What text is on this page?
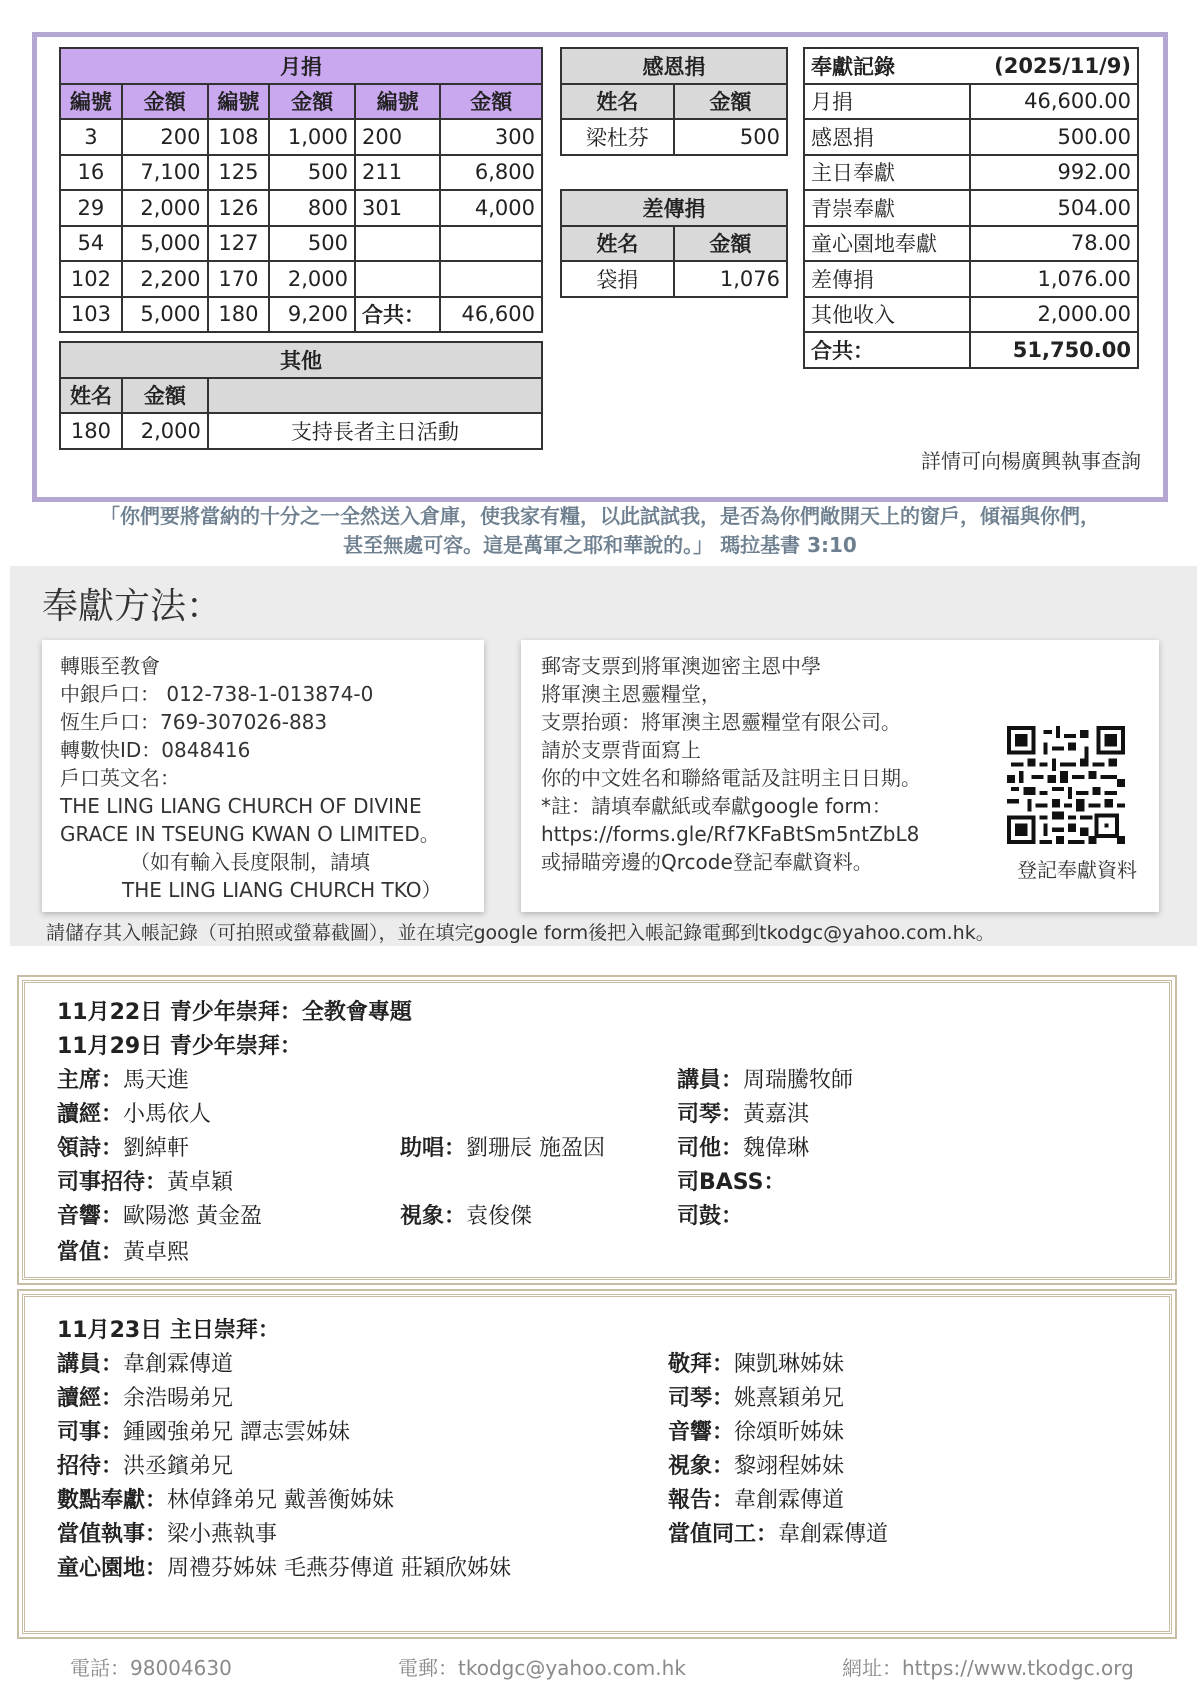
月捐					
編號	金額	編號	金額	編號	金額
3	200	108	1,000	200	300
16	7,100	125	500	211	6,800
29	2,000	126	800	301	4,000
54	5,000	127	500		
102	2,200	170	2,000		
103	5,000	180	9,200	合共：	46,600
其他		
姓名	金額	
180	2,000	支持長者主日活動
感恩捐	
姓名	金額
梁杜芬	500
差傳捐	
姓名	金額
袋捐	1,076
奉獻記錄	(2025/11/9)
月捐	46,600.00
感恩捐	500.00
主日奉獻	992.00
青崇奉獻	504.00
童心園地奉獻	78.00
差傳捐	1,076.00
其他收入	2,000.00
合共：	51,750.00
詳情可向楊廣興執事查詢
「你們要將當納的十分之一全然送入倉庫，使我家有糧，以此試試我，是否為你們敞開天上的窗戶，傾福與你們，
甚至無處可容。這是萬軍之耶和華說的。」 瑪拉基書 3:10
奉獻方法：
轉賬至教會
中銀戶口： 012-738-1-013874-0
恆生戶口：769-307026-883
轉數快ID：0848416
戶口英文名：
THE LING LIANG CHURCH OF DIVINE
GRACE IN TSEUNG KWAN O LIMITED。
（如有輸入長度限制，請填
THE LING LIANG CHURCH TKO）
郵寄支票到將軍澳迦密主恩中學
將軍澳主恩靈糧堂，
支票抬頭：將軍澳主恩靈糧堂有限公司。
請於支票背面寫上
你的中文姓名和聯絡電話及註明主日日期。
*註：請填奉獻紙或奉獻google form：
https://forms.gle/Rf7KFaBtSm5ntZbL8
或掃瞄旁邊的Qrcode登記奉獻資料。	登記奉獻資料
請儲存其入帳記錄（可拍照或螢幕截圖），並在填完google form後把入帳記錄電郵到tkodgc@yahoo.com.hk。
11月22日 青少年崇拜：全教會專題
11月29日 青少年崇拜：
主席：馬天進
讀經：小馬依人
領詩：劉綽軒
司事招待：黃卓穎
音響：歐陽滺 黃金盈
當值：黃卓熙
助唱：劉珊辰 施盈因
視象：袁俊傑
講員：周瑞騰牧師
司琴：黃嘉淇
司他：魏偉琳
司BASS：
司鼓：
11月23日 主日崇拜：
講員：韋創霖傳道
讀經：余浩暘弟兄
司事：鍾國強弟兄 譚志雲姊妹
招待：洪丞鑌弟兄
數點奉獻：林倬鋒弟兄 戴善衡姊妹
當值執事：梁小燕執事
童心園地：周禮芬姊妹 毛燕芬傳道 莊穎欣姊妹
敬拜：陳凱琳姊妹
司琴：姚熹穎弟兄
音響：徐頌昕姊妹
視象：黎翊程姊妹
報告：韋創霖傳道
當值同工：韋創霖傳道
電話：98004630	電郵：tkodgc@yahoo.com.hk	網址：https://www.tkodgc.org
